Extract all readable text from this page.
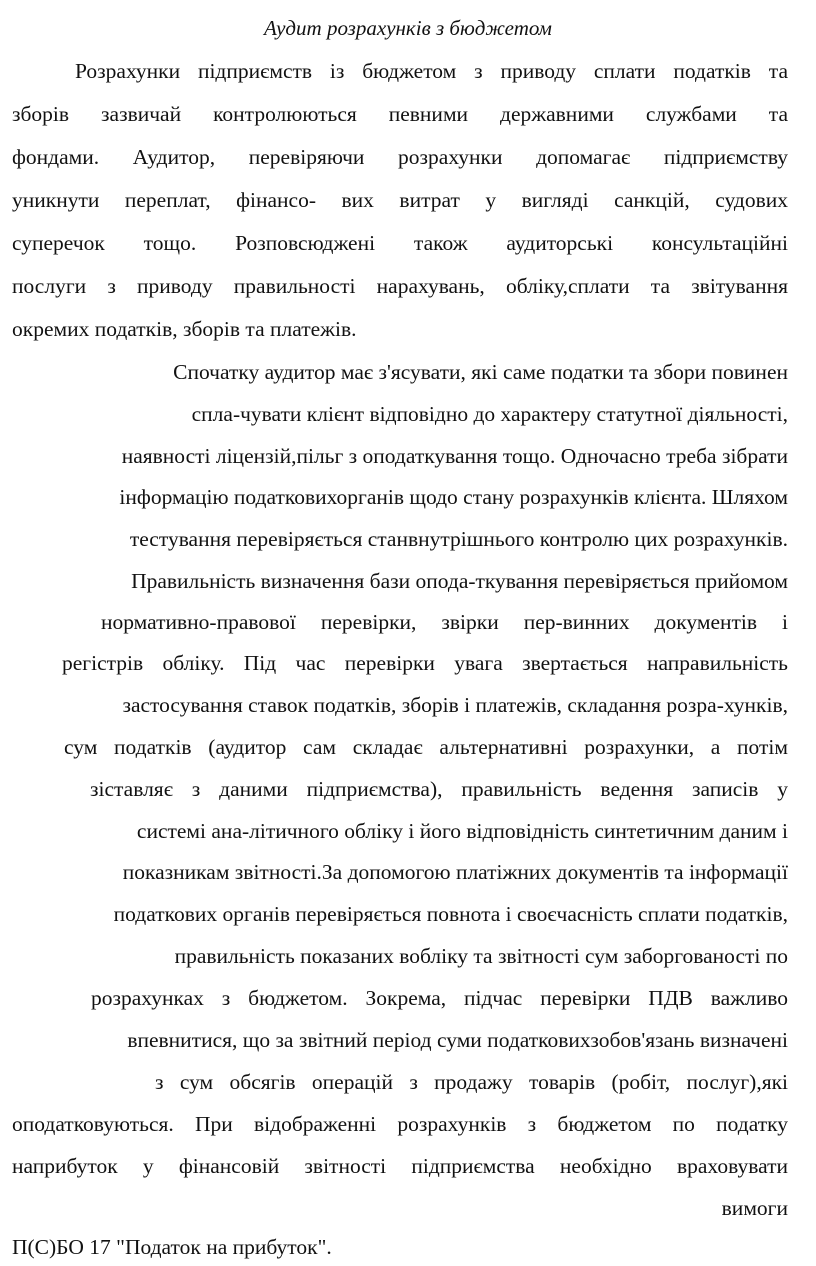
Аудит розрахунків з бюджетом

Розрахунки підприємств із бюджетом з приводу сплати податків та

зборів зазвичай контролюються певними державними службами та

фондами. Аудитор, перевіряючи розрахунки допомагає підприємству

уникнути переплат, фінансо- вих витрат у вигляді санкцій, судових

суперечок тощо. Розповсюджені також аудиторські консультаційні

послуги з приводу правильності нарахувань, обліку,сплати та звітування

окремих податків, зборів та платежів.

Спочатку аудитор має з'ясувати, які саме податки та збори повинен

спла-чувати клієнт відповідно до характеру статутної діяльності,

наявності ліцензій,пільг з оподаткування тощо. Одночасно треба зібрати

інформацію податковихорганів щодо стану розрахунків клієнта. Шляхом

тестування перевіряється станвнутрішнього контролю цих розрахунків.

Правильність визначення бази опода-ткування перевіряється прийомом

нормативно-правової перевірки, звірки пер-винних документів і

регістрів обліку. Під час перевірки увага звертається направильність

застосування ставок податків, зборів і платежів, складання розра-хунків,

сум податків (аудитор сам складає альтернативні розрахунки, а потім

зіставляє з даними підприємства), правильність ведення записів у

системі ана-літичного обліку і його відповідність синтетичним даним і

показникам звітності.За допомогою платіжних документів та інформації

податкових органів перевіряється повнота і своєчасність сплати податків,

правильність показаних вобліку та звітності сум заборгованості по

розрахунках з бюджетом. Зокрема, підчас перевірки ПДВ важливо

впевнитися, що за звітний період суми податковихзобов'язань визначені

з сум обсягів операцій з продажу товарів (робіт, послуг),які

оподатковуються. При відображенні розрахунків з бюджетом по податку

наприбуток у фінансовій звітності підприємства необхідно враховувати

вимоги

П(С)БО 17 "Податок на прибуток".
